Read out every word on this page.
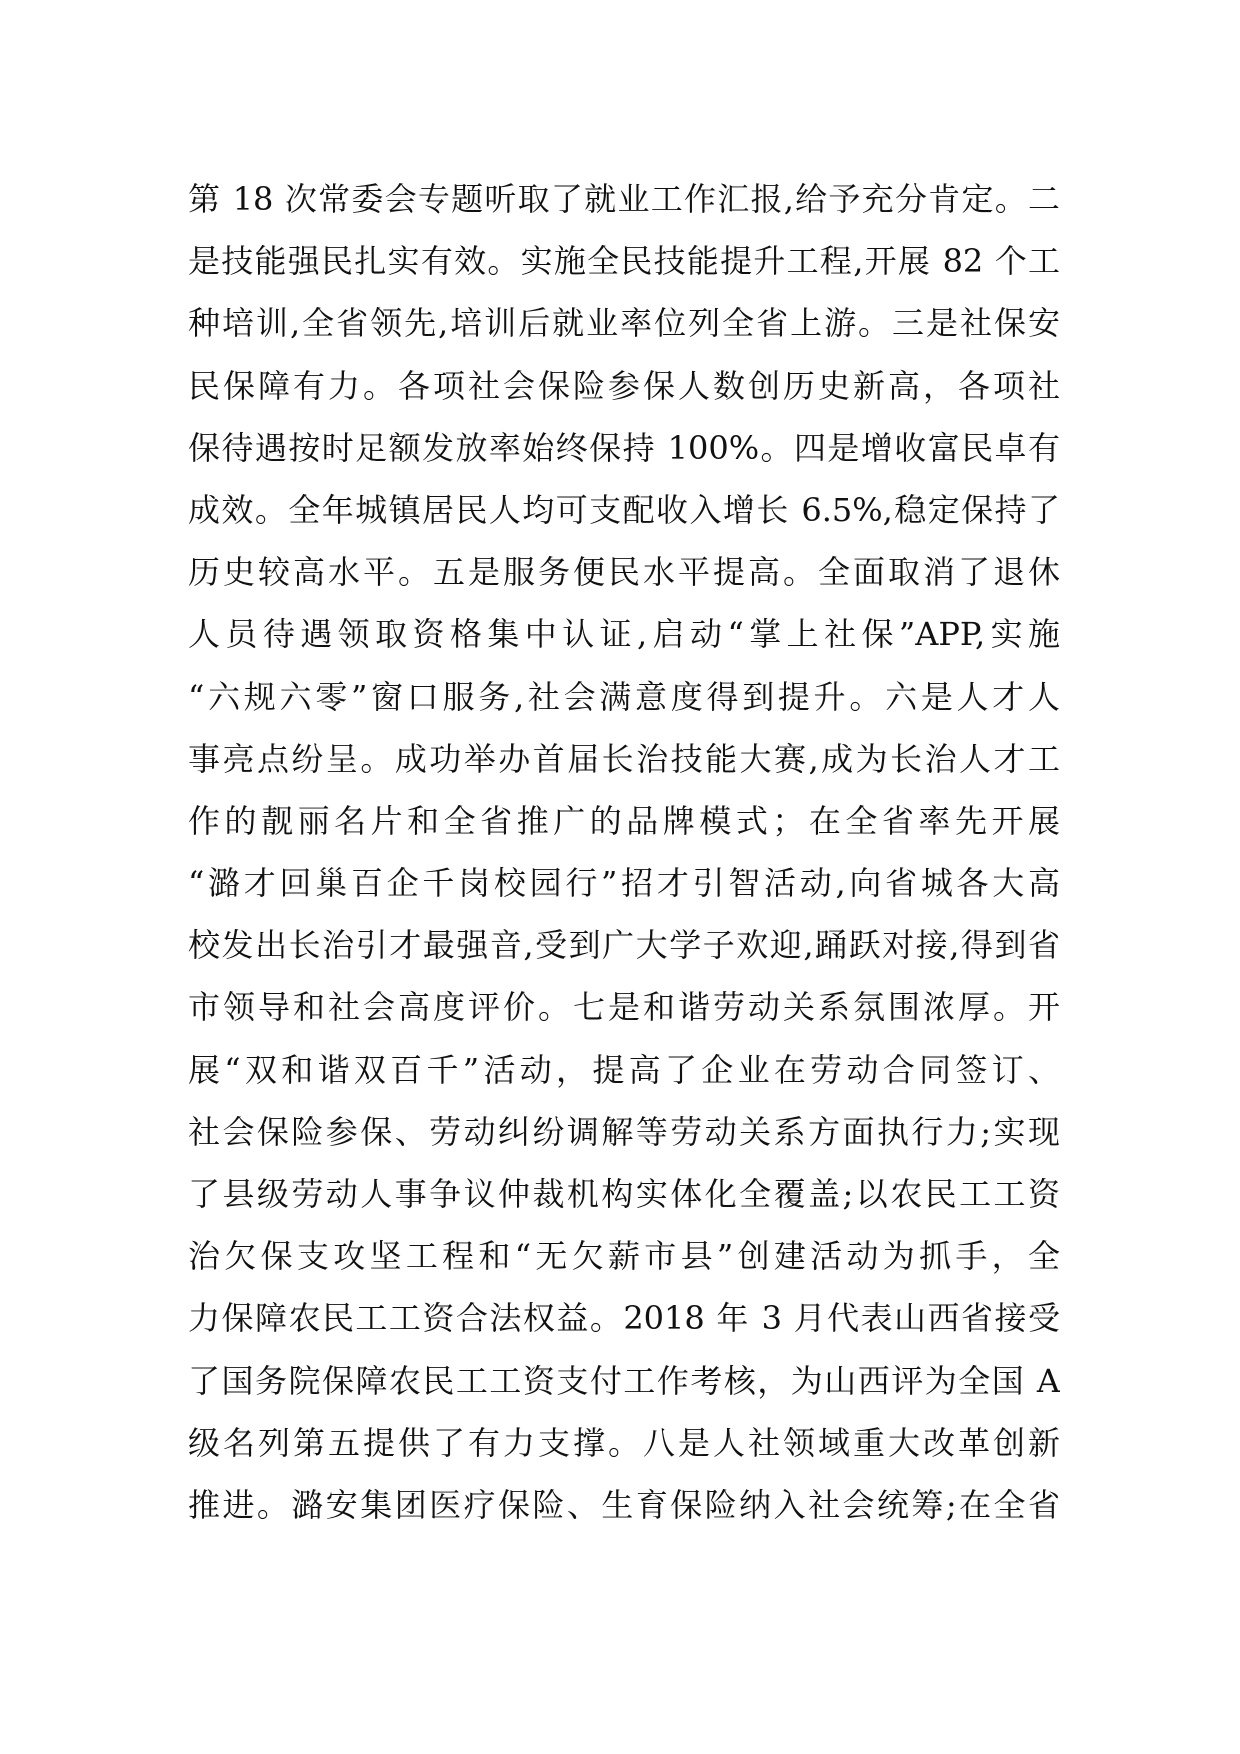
第 18 次常委会专题听取了就业工作汇报,给予充分肯定。二
是技能强民扎实有效。实施全民技能提升工程,开展 82 个工
种培训,全省领先,培训后就业率位列全省上游。三是社保安
民保障有力。各项社会保险参保人数创历史新高，各项社
保待遇按时足额发放率始终保持 100%。四是增收富民卓有
成效。全年城镇居民人均可支配收入增长 6.5%,稳定保持了
历史较高水平。五是服务便民水平提高。全面取消了退休
人员待遇领取资格集中认证,启动“掌上社保”APP,实施
“六规六零”窗口服务,社会满意度得到提升。六是人才人
事亮点纷呈。成功举办首届长治技能大赛,成为长治人才工
作的靓丽名片和全省推广的品牌模式；在全省率先开展
“潞才回巢百企千岗校园行”招才引智活动,向省城各大高
校发出长治引才最强音,受到广大学子欢迎,踊跃对接,得到省
市领导和社会高度评价。七是和谐劳动关系氛围浓厚。开
展“双和谐双百千”活动，提高了企业在劳动合同签订、
社会保险参保、劳动纠纷调解等劳动关系方面执行力;实现
了县级劳动人事争议仲裁机构实体化全覆盖;以农民工工资
治欠保支攻坚工程和“无欠薪市县”创建活动为抓手，全
力保障农民工工资合法权益。2018 年 3 月代表山西省接受
了国务院保障农民工工资支付工作考核，为山西评为全国 A
级名列第五提供了有力支撑。八是人社领域重大改革创新
推进。潞安集团医疗保险、生育保险纳入社会统筹;在全省
